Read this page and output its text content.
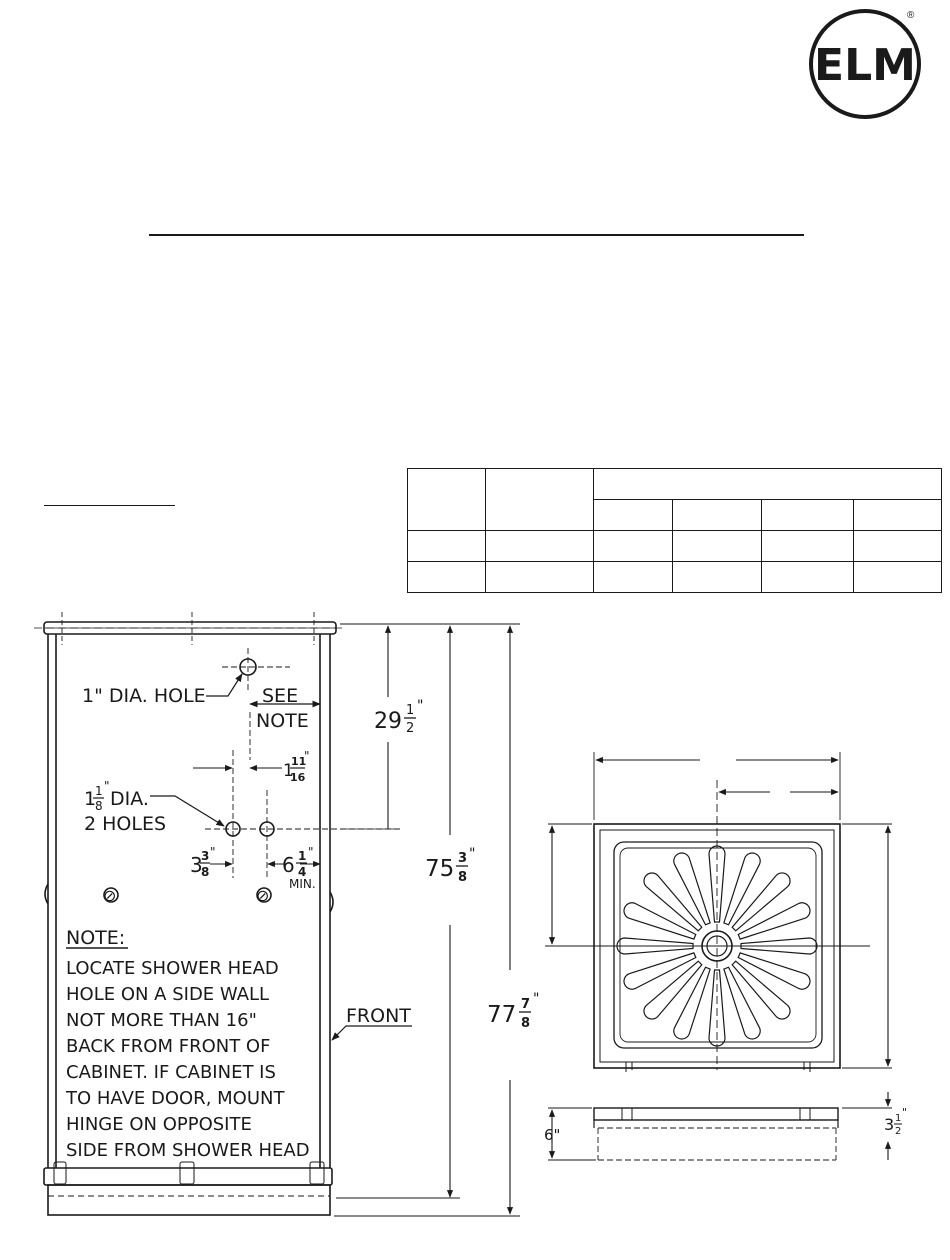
ELM
®

1" DIA. HOLE	SEE
NOTE	29 1
2
"
1
11
16
"
1
1
8
"
DIA.
2 HOLES
3
3
8
"
6 1
4
"
MIN.
75 3
8
"
77 7
8
"
FRONT
⊘	⊘
NOTE:
LOCATE SHOWER HEAD
HOLE ON A SIDE WALL
NOT MORE THAN 16"
BACK FROM FRONT OF
CABINET. IF CABINET IS
TO HAVE DOOR, MOUNT
HINGE ON OPPOSITE
SIDE FROM SHOWER HEAD
6"
3 1
2
"
